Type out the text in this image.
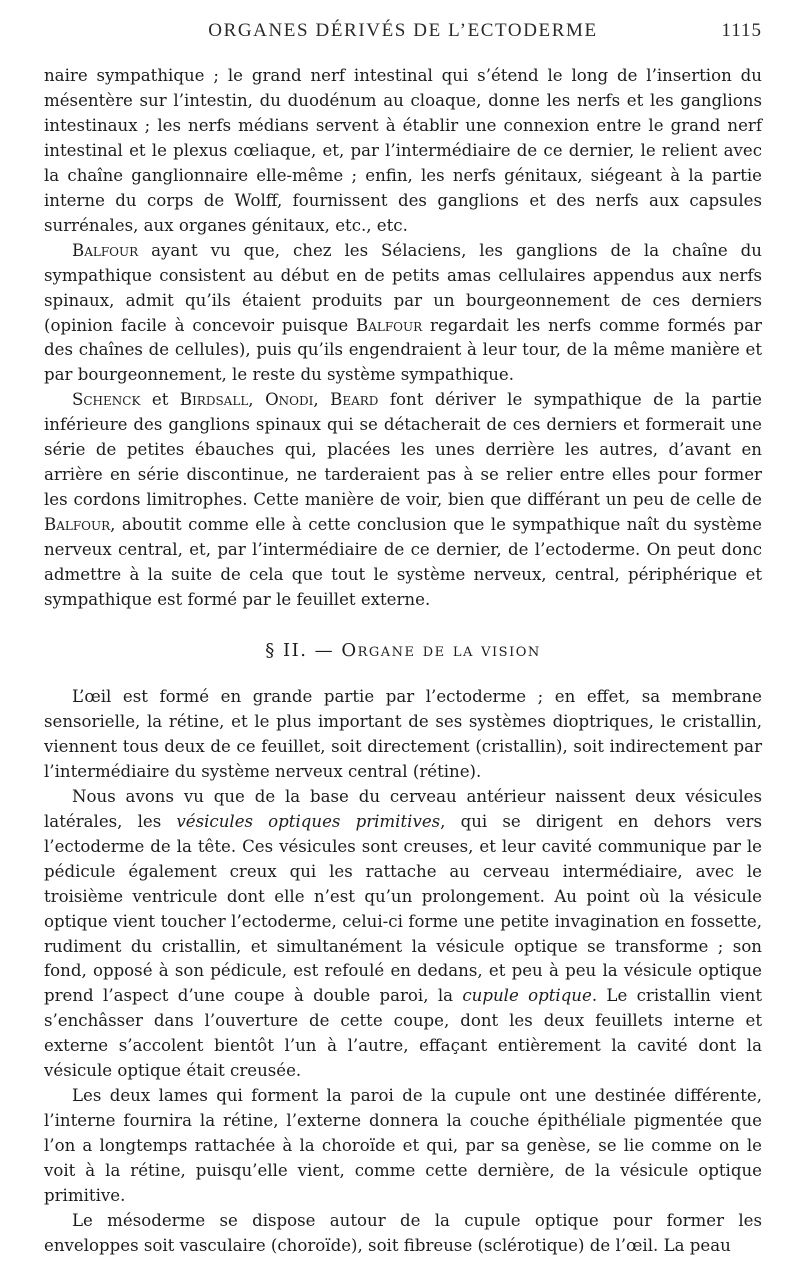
ORGANES DÉRIVÉS DE L’ECTODERME	1115

naire sympathique ; le grand nerf intestinal qui s’étend le long de l’insertion du mésentère sur l’intestin, du duodénum au cloaque, donne les nerfs et les ganglions intestinaux ; les nerfs médians servent à établir une connexion entre le grand nerf intestinal et le plexus cœliaque, et, par l’intermédiaire de ce dernier, le relient avec la chaîne ganglionnaire elle-même ; enfin, les nerfs génitaux, siégeant à la partie interne du corps de Wolff, fournissent des ganglions et des nerfs aux capsules surrénales, aux organes génitaux, etc., etc.

Balfour ayant vu que, chez les Sélaciens, les ganglions de la chaîne du sympathique consistent au début en de petits amas cellulaires appendus aux nerfs spinaux, admit qu’ils étaient produits par un bourgeonnement de ces derniers (opinion facile à concevoir puisque Balfour regardait les nerfs comme formés par des chaînes de cellules), puis qu’ils engendraient à leur tour, de la même manière et par bourgeonnement, le reste du système sympathique.

Schenck et Birdsall, Onodi, Beard font dériver le sympathique de la partie inférieure des ganglions spinaux qui se détacherait de ces derniers et formerait une série de petites ébauches qui, placées les unes derrière les autres, d’avant en arrière en série discontinue, ne tarderaient pas à se relier entre elles pour former les cordons limitrophes. Cette manière de voir, bien que différant un peu de celle de Balfour, aboutit comme elle à cette conclusion que le sympathique naît du système nerveux central, et, par l’intermédiaire de ce dernier, de l’ectoderme. On peut donc admettre à la suite de cela que tout le système nerveux, central, périphérique et sympathique est formé par le feuillet externe.

§ II. — Organe de la vision

L’œil est formé en grande partie par l’ectoderme ; en effet, sa membrane sensorielle, la rétine, et le plus important de ses systèmes dioptriques, le cristallin, viennent tous deux de ce feuillet, soit directement (cristallin), soit indirectement par l’intermédiaire du système nerveux central (rétine).

Nous avons vu que de la base du cerveau antérieur naissent deux vésicules latérales, les vésicules optiques primitives, qui se dirigent en dehors vers l’ectoderme de la tête. Ces vésicules sont creuses, et leur cavité communique par le pédicule également creux qui les rattache au cerveau intermédiaire, avec le troisième ventricule dont elle n’est qu’un prolongement. Au point où la vésicule optique vient toucher l’ectoderme, celui-ci forme une petite invagination en fossette, rudiment du cristallin, et simultanément la vésicule optique se transforme ; son fond, opposé à son pédicule, est refoulé en dedans, et peu à peu la vésicule optique prend l’aspect d’une coupe à double paroi, la cupule optique. Le cristallin vient s’enchâsser dans l’ouverture de cette coupe, dont les deux feuillets interne et externe s’accolent bientôt l’un à l’autre, effaçant entièrement la cavité dont la vésicule optique était creusée.

Les deux lames qui forment la paroi de la cupule ont une destinée différente, l’interne fournira la rétine, l’externe donnera la couche épithéliale pigmentée que l’on a longtemps rattachée à la choroïde et qui, par sa genèse, se lie comme on le voit à la rétine, puisqu’elle vient, comme cette dernière, de la vésicule optique primitive.

Le mésoderme se dispose autour de la cupule optique pour former les enveloppes soit vasculaire (choroïde), soit fibreuse (sclérotique) de l’œil. La peau
